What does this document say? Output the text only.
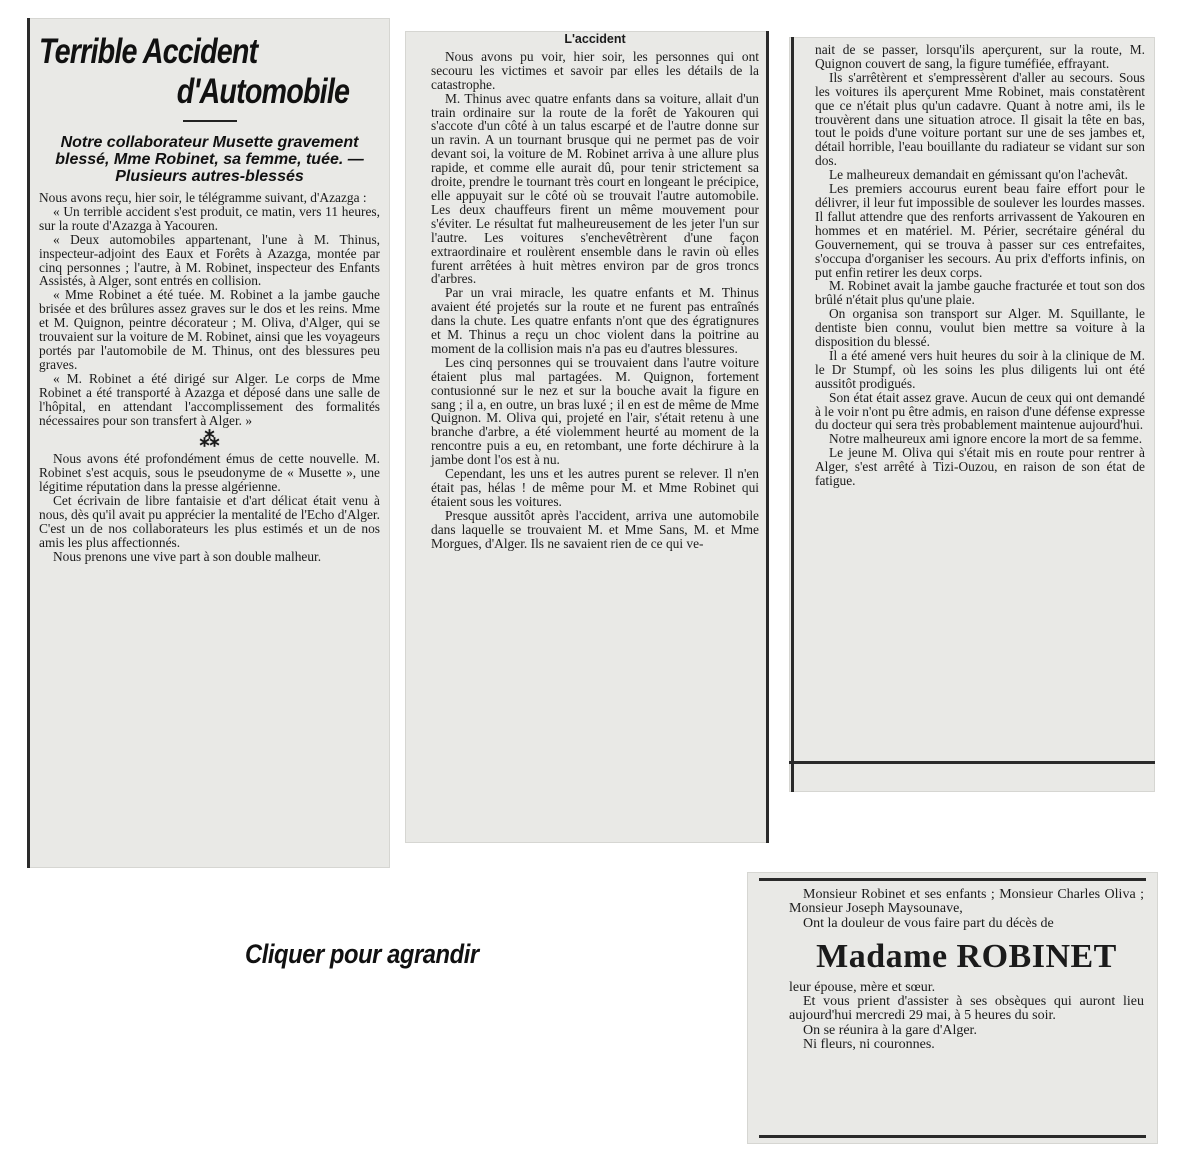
Terrible Accident
d'Automobile
Notre collaborateur Musette gravement blessé, Mme Robinet, sa femme, tuée. —Plusieurs autres-blessés

Nous avons reçu, hier soir, le télégramme suivant, d'Azazga :

« Un terrible accident s'est produit, ce matin, vers 11 heures, sur la route d'Azazga à Yacouren.

« Deux automobiles appartenant, l'une à M. Thinus, inspecteur-adjoint des Eaux et Forêts à Azazga, montée par cinq personnes ; l'autre, à M. Robinet, inspecteur des Enfants Assistés, à Alger, sont entrés en collision.

« Mme Robinet a été tuée. M. Robinet a la jambe gauche brisée et des brûlures assez graves sur le dos et les reins. Mme et M. Quignon, peintre décorateur ; M. Oliva, d'Alger, qui se trouvaient sur la voiture de M. Robinet, ainsi que les voyageurs portés par l'automobile de M. Thinus, ont des blessures peu graves.

« M. Robinet a été dirigé sur Alger. Le corps de Mme Robinet a été transporté à Azazga et déposé dans une salle de l'hôpital, en attendant l'accomplissement des formalités nécessaires pour son transfert à Alger. »

⁂

Nous avons été profondément émus de cette nouvelle. M. Robinet s'est acquis, sous le pseudonyme de « Musette », une légitime réputation dans la presse algérienne.

Cet écrivain de libre fantaisie et d'art délicat était venu à nous, dès qu'il avait pu apprécier la mentalité de l'Echo d'Alger. C'est un de nos collaborateurs les plus estimés et un de nos amis les plus affectionnés.

Nous prenons une vive part à son double malheur.

L'accident

Nous avons pu voir, hier soir, les personnes qui ont secouru les victimes et savoir par elles les détails de la catastrophe.

M. Thinus avec quatre enfants dans sa voiture, allait d'un train ordinaire sur la route de la forêt de Yakouren qui s'accote d'un côté à un talus escarpé et de l'autre donne sur un ravin. A un tournant brusque qui ne permet pas de voir devant soi, la voiture de M. Robinet arriva à une allure plus rapide, et comme elle aurait dû, pour tenir strictement sa droite, prendre le tournant très court en longeant le précipice, elle appuyait sur le côté où se trouvait l'autre automobile. Les deux chauffeurs firent un même mouvement pour s'éviter. Le résultat fut malheureusement de les jeter l'un sur l'autre. Les voitures s'enchevêtrèrent d'une façon extraordinaire et roulèrent ensemble dans le ravin où elles furent arrêtées à huit mètres environ par de gros troncs d'arbres.

Par un vrai miracle, les quatre enfants et M. Thinus avaient été projetés sur la route et ne furent pas entraînés dans la chute. Les quatre enfants n'ont que des égratignures et M. Thinus a reçu un choc violent dans la poitrine au moment de la collision mais n'a pas eu d'autres blessures.

Les cinq personnes qui se trouvaient dans l'autre voiture étaient plus mal partagées. M. Quignon, fortement contusionné sur le nez et sur la bouche avait la figure en sang ; il a, en outre, un bras luxé ; il en est de même de Mme Quignon. M. Oliva qui, projeté en l'air, s'était retenu à une branche d'arbre, a été violemment heurté au moment de la rencontre puis a eu, en retombant, une forte déchirure à la jambe dont l'os est à nu.

Cependant, les uns et les autres purent se relever. Il n'en était pas, hélas ! de même pour M. et Mme Robinet qui étaient sous les voitures.

Presque aussitôt après l'accident, arriva une automobile dans laquelle se trouvaient M. et Mme Sans, M. et Mme Morgues, d'Alger. Ils ne savaient rien de ce qui ve-

nait de se passer, lorsqu'ils aperçurent, sur la route, M. Quignon couvert de sang, la figure tuméfiée, effrayant.

Ils s'arrêtèrent et s'empressèrent d'aller au secours. Sous les voitures ils aperçurent Mme Robinet, mais constatèrent que ce n'était plus qu'un cadavre. Quant à notre ami, ils le trouvèrent dans une situation atroce. Il gisait la tête en bas, tout le poids d'une voiture portant sur une de ses jambes et, détail horrible, l'eau bouillante du radiateur se vidant sur son dos.

Le malheureux demandait en gémissant qu'on l'achevât.

Les premiers accourus eurent beau faire effort pour le délivrer, il leur fut impossible de soulever les lourdes masses. Il fallut attendre que des renforts arrivassent de Yakouren en hommes et en matériel. M. Périer, secrétaire général du Gouvernement, qui se trouva à passer sur ces entrefaites, s'occupa d'organiser les secours. Au prix d'efforts infinis, on put enfin retirer les deux corps.

M. Robinet avait la jambe gauche fracturée et tout son dos brûlé n'était plus qu'une plaie.

On organisa son transport sur Alger. M. Squillante, le dentiste bien connu, voulut bien mettre sa voiture à la disposition du blessé.

Il a été amené vers huit heures du soir à la clinique de M. le Dr Stumpf, où les soins les plus diligents lui ont été aussitôt prodigués.

Son état était assez grave. Aucun de ceux qui ont demandé à le voir n'ont pu être admis, en raison d'une défense expresse du docteur qui sera très probablement maintenue aujourd'hui.

Notre malheureux ami ignore encore la mort de sa femme.

Le jeune M. Oliva qui s'était mis en route pour rentrer à Alger, s'est arrêté à Tizi-Ouzou, en raison de son état de fatigue.

Cliquer pour agrandir

Monsieur Robinet et ses enfants ; Monsieur Charles Oliva ; Monsieur Joseph Maysounave,

Ont la douleur de vous faire part du décès de

Madame ROBINET

leur épouse, mère et sœur.

Et vous prient d'assister à ses obsèques qui auront lieu aujourd'hui mercredi 29 mai, à 5 heures du soir.

On se réunira à la gare d'Alger.

Ni fleurs, ni couronnes.
